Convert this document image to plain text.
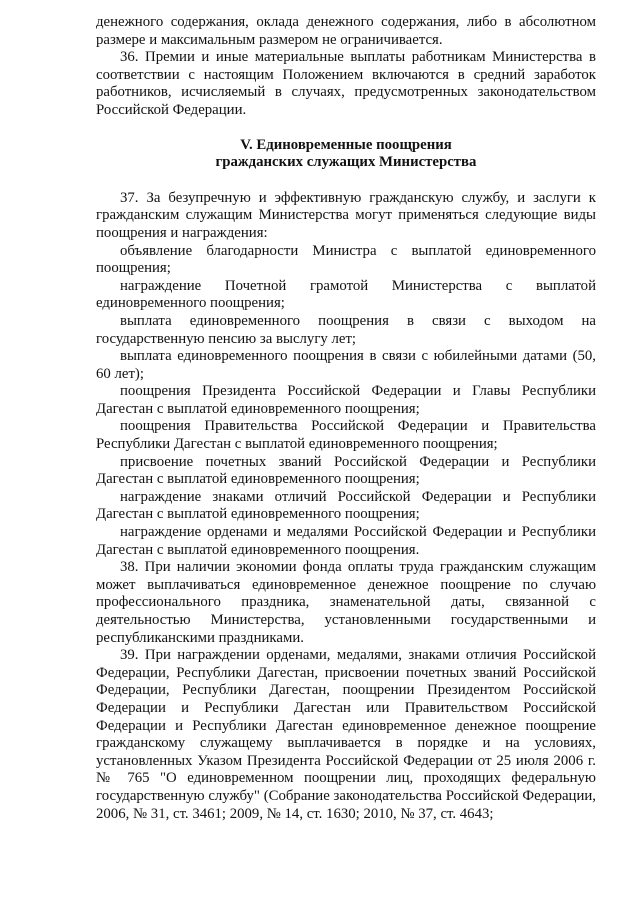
денежного содержания, оклада денежного содержания, либо в абсолютном размере и максимальным размером не ограничивается.

36. Премии и иные материальные выплаты работникам Министерства в соответствии с настоящим Положением включаются в средний заработок работников, исчисляемый в случаях, предусмотренных законодательством Российской Федерации.

V. Единовременные поощрения
гражданских служащих Министерства

37. За безупречную и эффективную гражданскую службу, и заслуги к гражданским служащим Министерства могут применяться следующие виды поощрения и награждения:

объявление благодарности Министра с выплатой единовременного поощрения;

награждение Почетной грамотой Министерства с выплатой единовременного поощрения;

выплата единовременного поощрения в связи с выходом на государственную пенсию за выслугу лет;

выплата единовременного поощрения в связи с юбилейными датами (50, 60 лет);

поощрения Президента Российской Федерации и Главы Республики Дагестан с выплатой единовременного поощрения;

поощрения Правительства Российской Федерации и Правительства Республики Дагестан с выплатой единовременного поощрения;

присвоение почетных званий Российской Федерации и Республики Дагестан с выплатой единовременного поощрения;

награждение знаками отличий Российской Федерации и Республики Дагестан с выплатой единовременного поощрения;

награждение орденами и медалями Российской Федерации и Республики Дагестан с выплатой единовременного поощрения.

38. При наличии экономии фонда оплаты труда гражданским служащим может выплачиваться единовременное денежное поощрение по случаю профессионального праздника, знаменательной даты, связанной с деятельностью Министерства, установленными государственными и республиканскими праздниками.

39. При награждении орденами, медалями, знаками отличия Российской Федерации, Республики Дагестан, присвоении почетных званий Российской Федерации, Республики Дагестан, поощрении Президентом Российской Федерации и Республики Дагестан или Правительством Российской Федерации и Республики Дагестан единовременное денежное поощрение гражданскому служащему выплачивается в порядке и на условиях, установленных Указом Президента Российской Федерации от 25 июля 2006 г. № 765 "О единовременном поощрении лиц, проходящих федеральную государственную службу" (Собрание законодательства Российской Федерации, 2006, № 31, ст. 3461; 2009, № 14, ст. 1630; 2010, № 37, ст. 4643;
